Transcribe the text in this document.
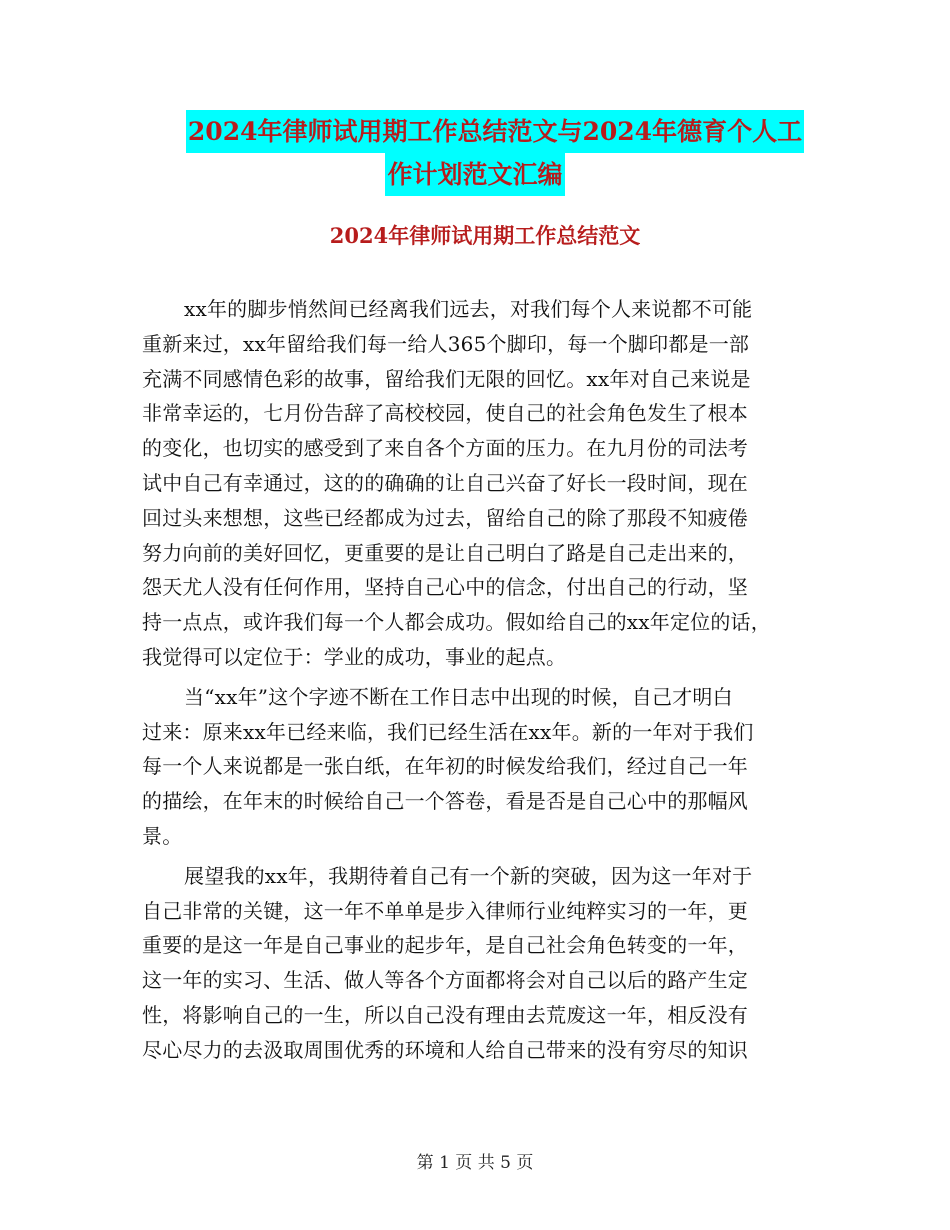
2024年律师试用期工作总结范文与2024年德育个人工
作计划范文汇编
2024年律师试用期工作总结范文
xx年的脚步悄然间已经离我们远去，对我们每个人来说都不可能
重新来过，xx年留给我们每一给人365个脚印，每一个脚印都是一部
充满不同感情色彩的故事，留给我们无限的回忆。xx年对自己来说是
非常幸运的，七月份告辞了高校校园，使自己的社会角色发生了根本
的变化，也切实的感受到了来自各个方面的压力。在九月份的司法考
试中自己有幸通过，这的的确确的让自己兴奋了好长一段时间，现在
回过头来想想，这些已经都成为过去，留给自己的除了那段不知疲倦
努力向前的美好回忆，更重要的是让自己明白了路是自己走出来的，
怨天尤人没有任何作用，坚持自己心中的信念，付出自己的行动，坚
持一点点，或许我们每一个人都会成功。假如给自己的xx年定位的话，
我觉得可以定位于：学业的成功，事业的起点。
当“xx年”这个字迹不断在工作日志中出现的时候，自己才明白
过来：原来xx年已经来临，我们已经生活在xx年。新的一年对于我们
每一个人来说都是一张白纸，在年初的时候发给我们，经过自己一年
的描绘，在年末的时候给自己一个答卷，看是否是自己心中的那幅风
景。
展望我的xx年，我期待着自己有一个新的突破，因为这一年对于
自己非常的关键，这一年不单单是步入律师行业纯粹实习的一年，更
重要的是这一年是自己事业的起步年，是自己社会角色转变的一年，
这一年的实习、生活、做人等各个方面都将会对自己以后的路产生定
性，将影响自己的一生，所以自己没有理由去荒废这一年，相反没有
尽心尽力的去汲取周围优秀的环境和人给自己带来的没有穷尽的知识
第 1 页 共 5 页
